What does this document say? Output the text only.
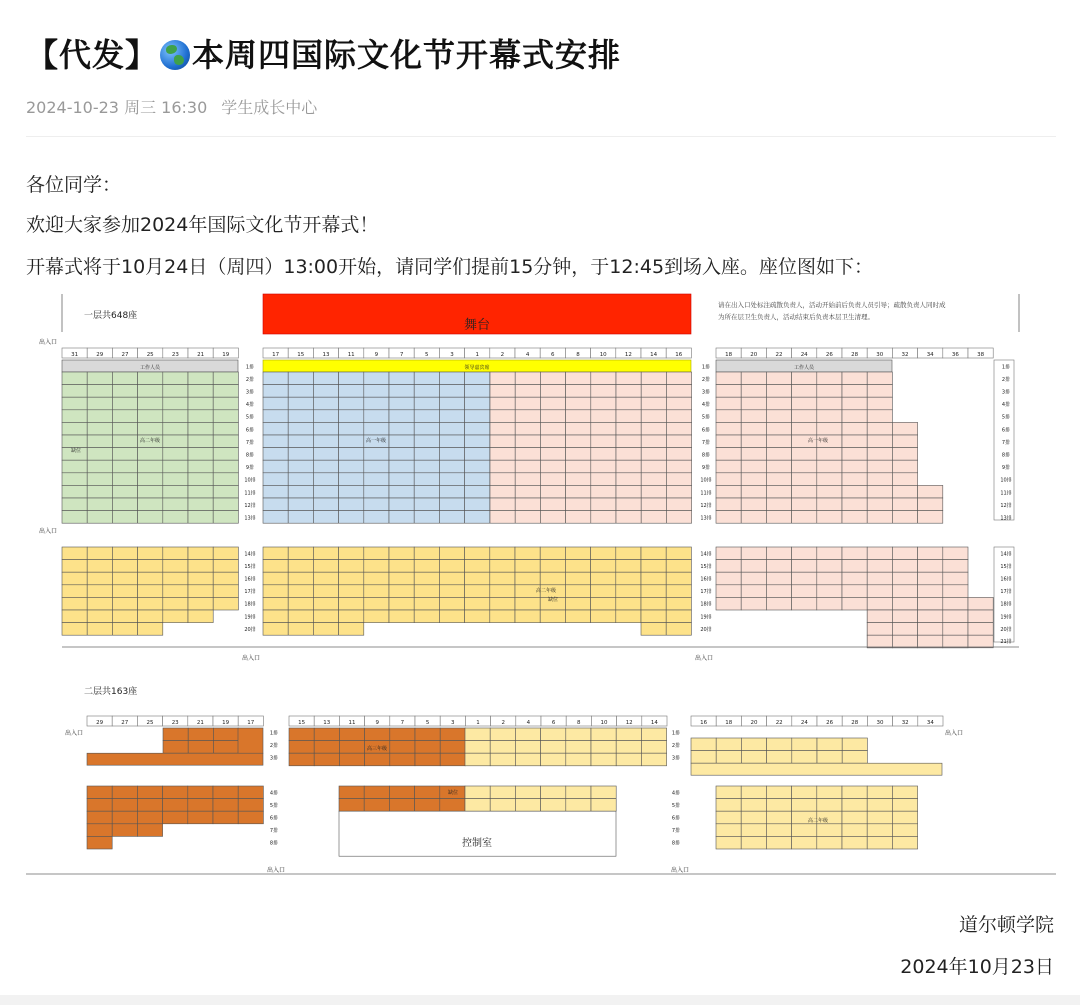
【代发】 本周四国际文化节开幕式安排
2024-10-23 周三 16:30 学生成长中心
各位同学：
欢迎大家参加2024年国际文化节开幕式！
开幕式将于10月24日（周四）13:00开始，请同学们提前15分钟，于12:45到场入座。座位图如下：
一层共648座
舞台
请在出入口处标注疏散负责人，活动开始前后负责人员引导；疏散负责人同时成
为所在层卫生负责人，活动结束后负责本层卫生清理。
出入口
出入口
出入口	出入口
31	29	27	25	23	21	19	17	15	13	11	9	7	5	3	1	2	4	6	8	10	12	14	16	18	20	22	24	26	28	30	32	34	36	38
工作人员
高二年级
缺位
领导嘉宾席
高一年级
工作人员
高一年级
1排
2排
3排
4排
5排
6排
7排
8排
9排
10排
11排
12排
13排
1排
2排
3排
4排
5排
6排
7排
8排
9排
10排
11排
12排
13排
1排
2排
3排
4排
5排
6排
7排
8排
9排
10排
11排
12排
13排
高二年级
缺位
14排
15排
16排
17排
18排
19排
20排
14排
15排
16排
17排
18排
19排
20排
14排
15排
16排
17排
18排
19排
20排
21排
二层共163座
29	27	25	23	21	19	17	15	13	11	9	7	5	3	1	2	4	6	8	10	12	14	16	18	20	22	24	26	28	30	32	34
出入口	出入口
高三年级
1排
2排
3排
1排
2排
3排
缺位
控制室
高二年级
4排
5排
6排
7排
8排
4排
5排
6排
7排
8排
出入口	出入口
道尔顿学院
2024年10月23日
